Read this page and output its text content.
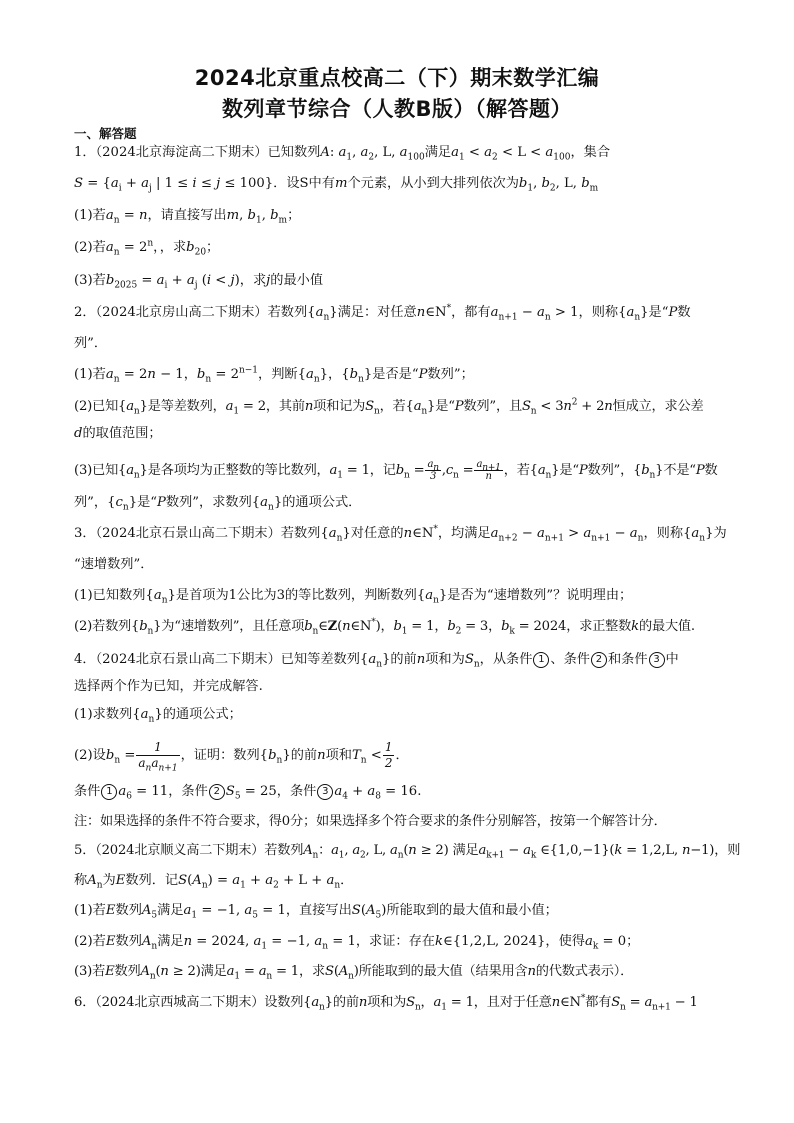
2024北京重点校高二（下）期末数学汇编
数列章节综合（人教B版）（解答题）
一、解答题
1．（2024北京海淀高二下期末）已知数列A: $a_1$, $a_2$, L, $a_{100}$满足$a_1 < a_2 < L < a_{100}$，集合
$S = \{a_i + a_j$ | 1 ≤ i ≤ j ≤ 100}．设S中有m个元素，从小到大排列依次为$b_1$, $b_2$, L, $b_m$
(1)若$a_n = n$，请直接写出m, $b_1$, $b_m$；
(2)若$a_n = 2^n$，，求$b_{20}$；
(3)若$b_{2025} = a_i + a_j$ (i < j)，求j的最小值
2．（2024北京房山高二下期末）若数列$\{a_n\}$满足：对任意n∈N*，都有$a_{n+1} - a_n > 1$，则称$\{a_n\}$是“P数
列”．
(1)若$a_n = 2n - 1$，$b_n = 2^{n-1}$，判断$\{a_n\}$，$\{b_n\}$是否是“P数列”；
(2)已知$\{a_n\}$是等差数列，$a_1 = 2$，其前n项和记为$S_n$，若$\{a_n\}$是“P数列”，且$S_n < 3n^2 + 2n$恒成立，求公差
d的取值范围；
(3)已知$\{a_n\}$是各项均为正整数的等比数列，$a_1 = 1$，记$b_n = \frac{a_n}{3} ,c_n = \frac{a_{n+1}}{n}$ ，若$\{a_n\}$是“P数列”，$\{b_n\}$不是“P数
列”，$\{c_n\}$是“P数列”，求数列$\{a_n\}$的通项公式．
3．（2024北京石景山高二下期末）若数列$\{a_n\}$对任意的n∈N*，均满足$a_{n+2} - a_{n+1} > a_{n+1} - a_n$，则称$\{a_n\}$为
“速增数列”．
(1)已知数列$\{a_n\}$是首项为1公比为3的等比数列，判断数列$\{a_n\}$是否为“速增数列”？说明理由；
(2)若数列$\{b_n\}$为“速增数列”，且任意项$b_n\in Z(n\in N^*)$，$b_1 = 1$，$b_2 = 3$，$b_k = 2024$，求正整数k的最大值.
4．（2024北京石景山高二下期末）已知等差数列$\{a_n\}$的前n项和为$S_n$，从条件 1 、条件 2 和条件 3 中
选择两个作为已知，并完成解答.
(1)求数列$\{a_n\}$的通项公式；
(2)设$b_n = \frac{1}{a_na_{n+1}}$ ，证明：数列$\{b_n\}$的前n项和$T_n < \frac{1}{2}$ ．
条件 1 $a_6 = 11$，条件 2 $S_5 = 25$，条件 3 $a_4 + a_8 = 16$.
注：如果选择的条件不符合要求，得0分；如果选择多个符合要求的条件分别解答，按第一个解答计分．
5．（2024北京顺义高二下期末）若数列$A_n$：$a_1$, $a_2$, L, $a_n(n \ge 2)$ 满足$a_{k+1} - a_k$ ∈{1,0,−1}(k = 1,2,L, n−1)，则
称$A_n$为E数列．记$S(A_n) = a_1 + a_2 + L + a_n$．
(1)若E数列$A_5$满足$a_1 = -1$, $a_5 = 1$，直接写出$S(A_5)$所能取到的最大值和最小值；
(2)若E数列$A_n$满足n = 2024, $a_1 = -1$, $a_n = 1$，求证：存在k∈{1,2,L, 2024}，使得$a_k = 0$；
(3)若E数列$A_n(n \ge 2)$满足$a_1 = a_n = 1$，求$S(A_n)$所能取到的最大值（结果用含n的代数式表示）．
6．（2024北京西城高二下期末）设数列$\{a_n\}$的前n项和为$S_n$，$a_1 = 1$，且对于任意n∈N*都有$S_n = a_{n+1} - 1$
